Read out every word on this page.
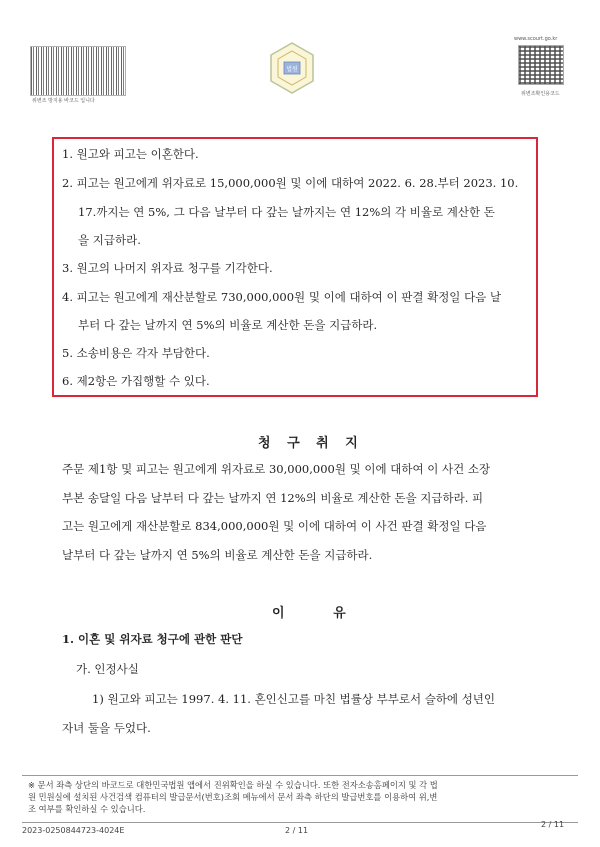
위변조 방지용 바코드 입니다
법원
www.scourt.go.kr
위변조확인용코드
1. 원고와 피고는 이혼한다.
2. 피고는 원고에게 위자료로 15,000,000원 및 이에 대하여 2022. 6. 28.부터 2023. 10.
17.까지는 연 5%, 그 다음 날부터 다 갚는 날까지는 연 12%의 각 비율로 계산한 돈
을 지급하라.
3. 원고의 나머지 위자료 청구를 기각한다.
4. 피고는 원고에게 재산분할로 730,000,000원 및 이에 대하여 이 판결 확정일 다음 날
부터 다 갚는 날까지 연 5%의 비율로 계산한 돈을 지급하라.
5. 소송비용은 각자 부담한다.
6. 제2항은 가집행할 수 있다.
청 구 취 지
주문 제1항 및 피고는 원고에게 위자료로 30,000,000원 및 이에 대하여 이 사건 소장
부본 송달일 다음 날부터 다 갚는 날까지 연 12%의 비율로 계산한 돈을 지급하라. 피
고는 원고에게 재산분할로 834,000,000원 및 이에 대하여 이 사건 판결 확정일 다음
날부터 다 갚는 날까지 연 5%의 비율로 계산한 돈을 지급하라.
이 유
1. 이혼 및 위자료 청구에 관한 판단
가. 인정사실
1) 원고와 피고는 1997. 4. 11. 혼인신고를 마친 법률상 부부로서 슬하에 성년인
자녀 둘을 두었다.
※ 문서 좌측 상단의 바코드로 대한민국법원 앱에서 진위확인을 하실 수 있습니다. 또한 전자소송홈페이지 및 각 법
원 민원실에 설치된 사건검색 컴퓨터의 발급문서(번호)조회 메뉴에서 문서 좌측 하단의 발급번호를 이용하여 위,변
조 여부를 확인하실 수 있습니다.
2023-0250844723-4024E	2 / 11
2 / 11
